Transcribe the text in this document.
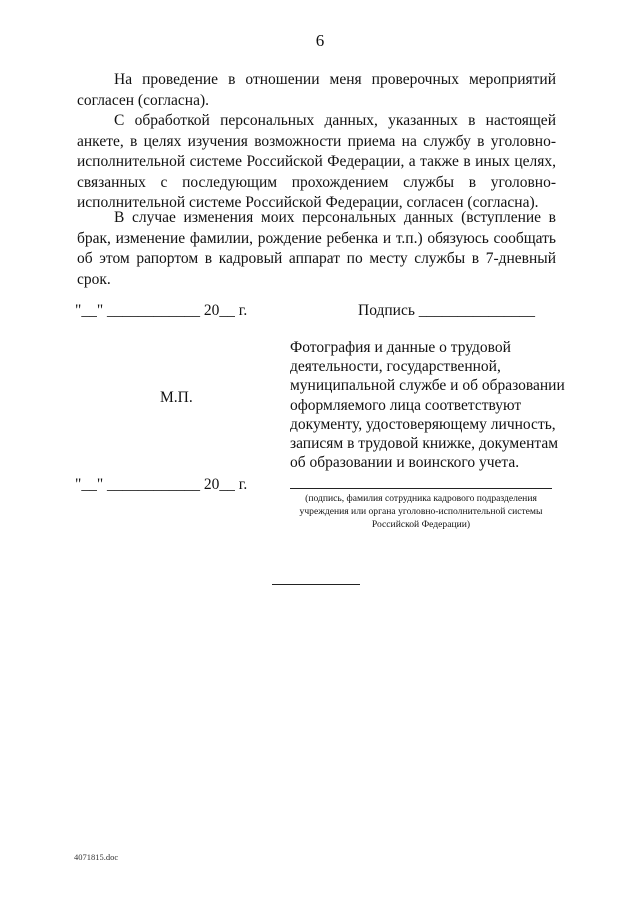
6

На проведение в отношении меня проверочных мероприятий согласен (согласна).

С обработкой персональных данных, указанных в настоящей анкете, в целях изучения возможности приема на службу в уголовно-исполнительной системе Российской Федерации, а также в иных целях, связанных с последующим прохождением службы в уголовно-исполнительной системе Российской Федерации, согласен (согласна).

В случае изменения моих персональных данных (вступление в брак, изменение фамилии, рождение ребенка и т.п.) обязуюсь сообщать об этом рапортом в кадровый аппарат по месту службы в 7-дневный срок.

"__" ____________ 20__ г.	Подпись _______________
Фотография и данные о трудовой деятельности, государственной, муниципальной службе и об образовании оформляемого лица соответствуют документу, удостоверяющему личность, записям в трудовой книжке, документам об образовании и воинского учета.
М.П.
"__" ____________ 20__ г.
(подпись, фамилия сотрудника кадрового подразделения учреждения или органа уголовно-исполнительной системы Российской Федерации)
4071815.doc
